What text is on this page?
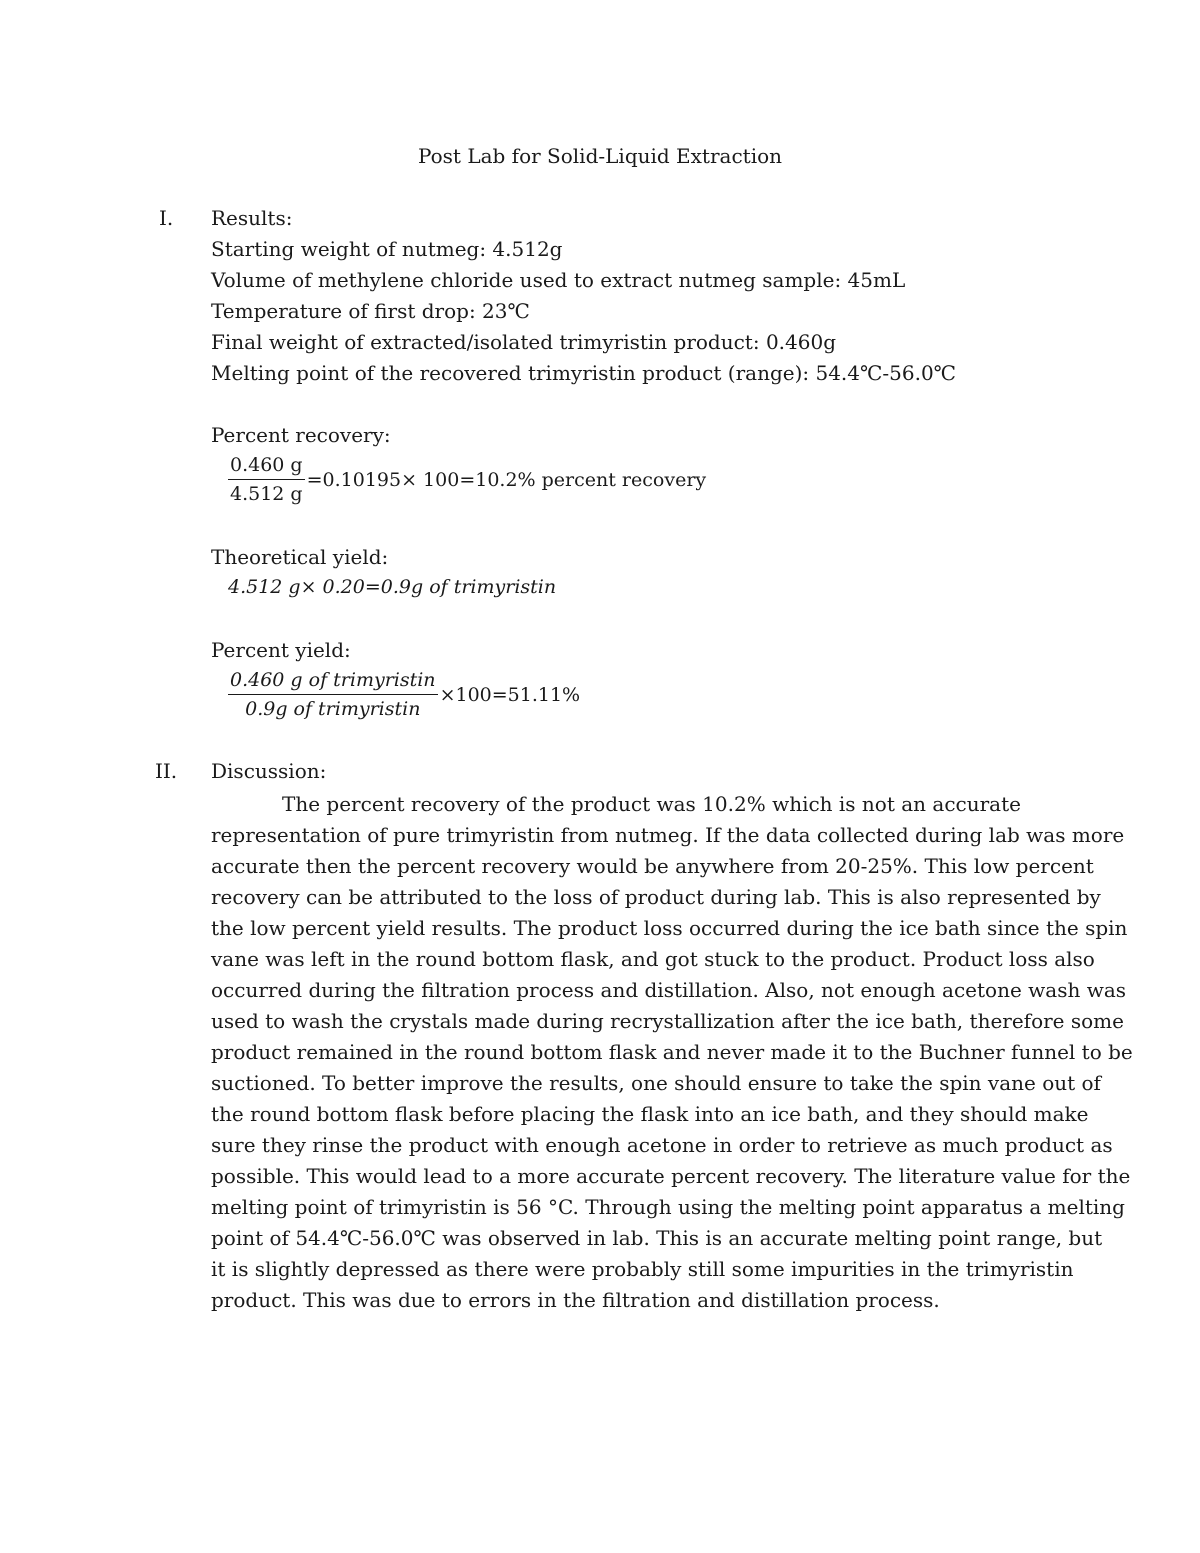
Post Lab for Solid-Liquid Extraction
I. Results:
Starting weight of nutmeg: 4.512g
Volume of methylene chloride used to extract nutmeg sample: 45mL
Temperature of first drop: 23℃
Final weight of extracted/isolated trimyristin product: 0.460g
Melting point of the recovered trimyristin product (range): 54.4℃-56.0℃
Percent recovery:
$\frac{0.460 g}{4.512 g} =0.10195\times 100=10.2\%$ percent recovery
Theoretical yield:
4.512 g× 0.20=0.9g of trimyristin
Percent yield:
$\frac{\text{0.460 g of trimyristin}}{\text{0.9g of trimyristin}} \times 100=51.11\%$
II. Discussion:
The percent recovery of the product was 10.2% which is not an accurate
representation of pure trimyristin from nutmeg. If the data collected during lab was more
accurate then the percent recovery would be anywhere from 20-25%. This low percent
recovery can be attributed to the loss of product during lab. This is also represented by
the low percent yield results. The product loss occurred during the ice bath since the spin
vane was left in the round bottom flask, and got stuck to the product. Product loss also
occurred during the filtration process and distillation. Also, not enough acetone wash was
used to wash the crystals made during recrystallization after the ice bath, therefore some
product remained in the round bottom flask and never made it to the Buchner funnel to be
suctioned. To better improve the results, one should ensure to take the spin vane out of
the round bottom flask before placing the flask into an ice bath, and they should make
sure they rinse the product with enough acetone in order to retrieve as much product as
possible. This would lead to a more accurate percent recovery. The literature value for the
melting point of trimyristin is 56 °C. Through using the melting point apparatus a melting
point of 54.4℃-56.0℃ was observed in lab. This is an accurate melting point range, but
it is slightly depressed as there were probably still some impurities in the trimyristin
product. This was due to errors in the filtration and distillation process.
